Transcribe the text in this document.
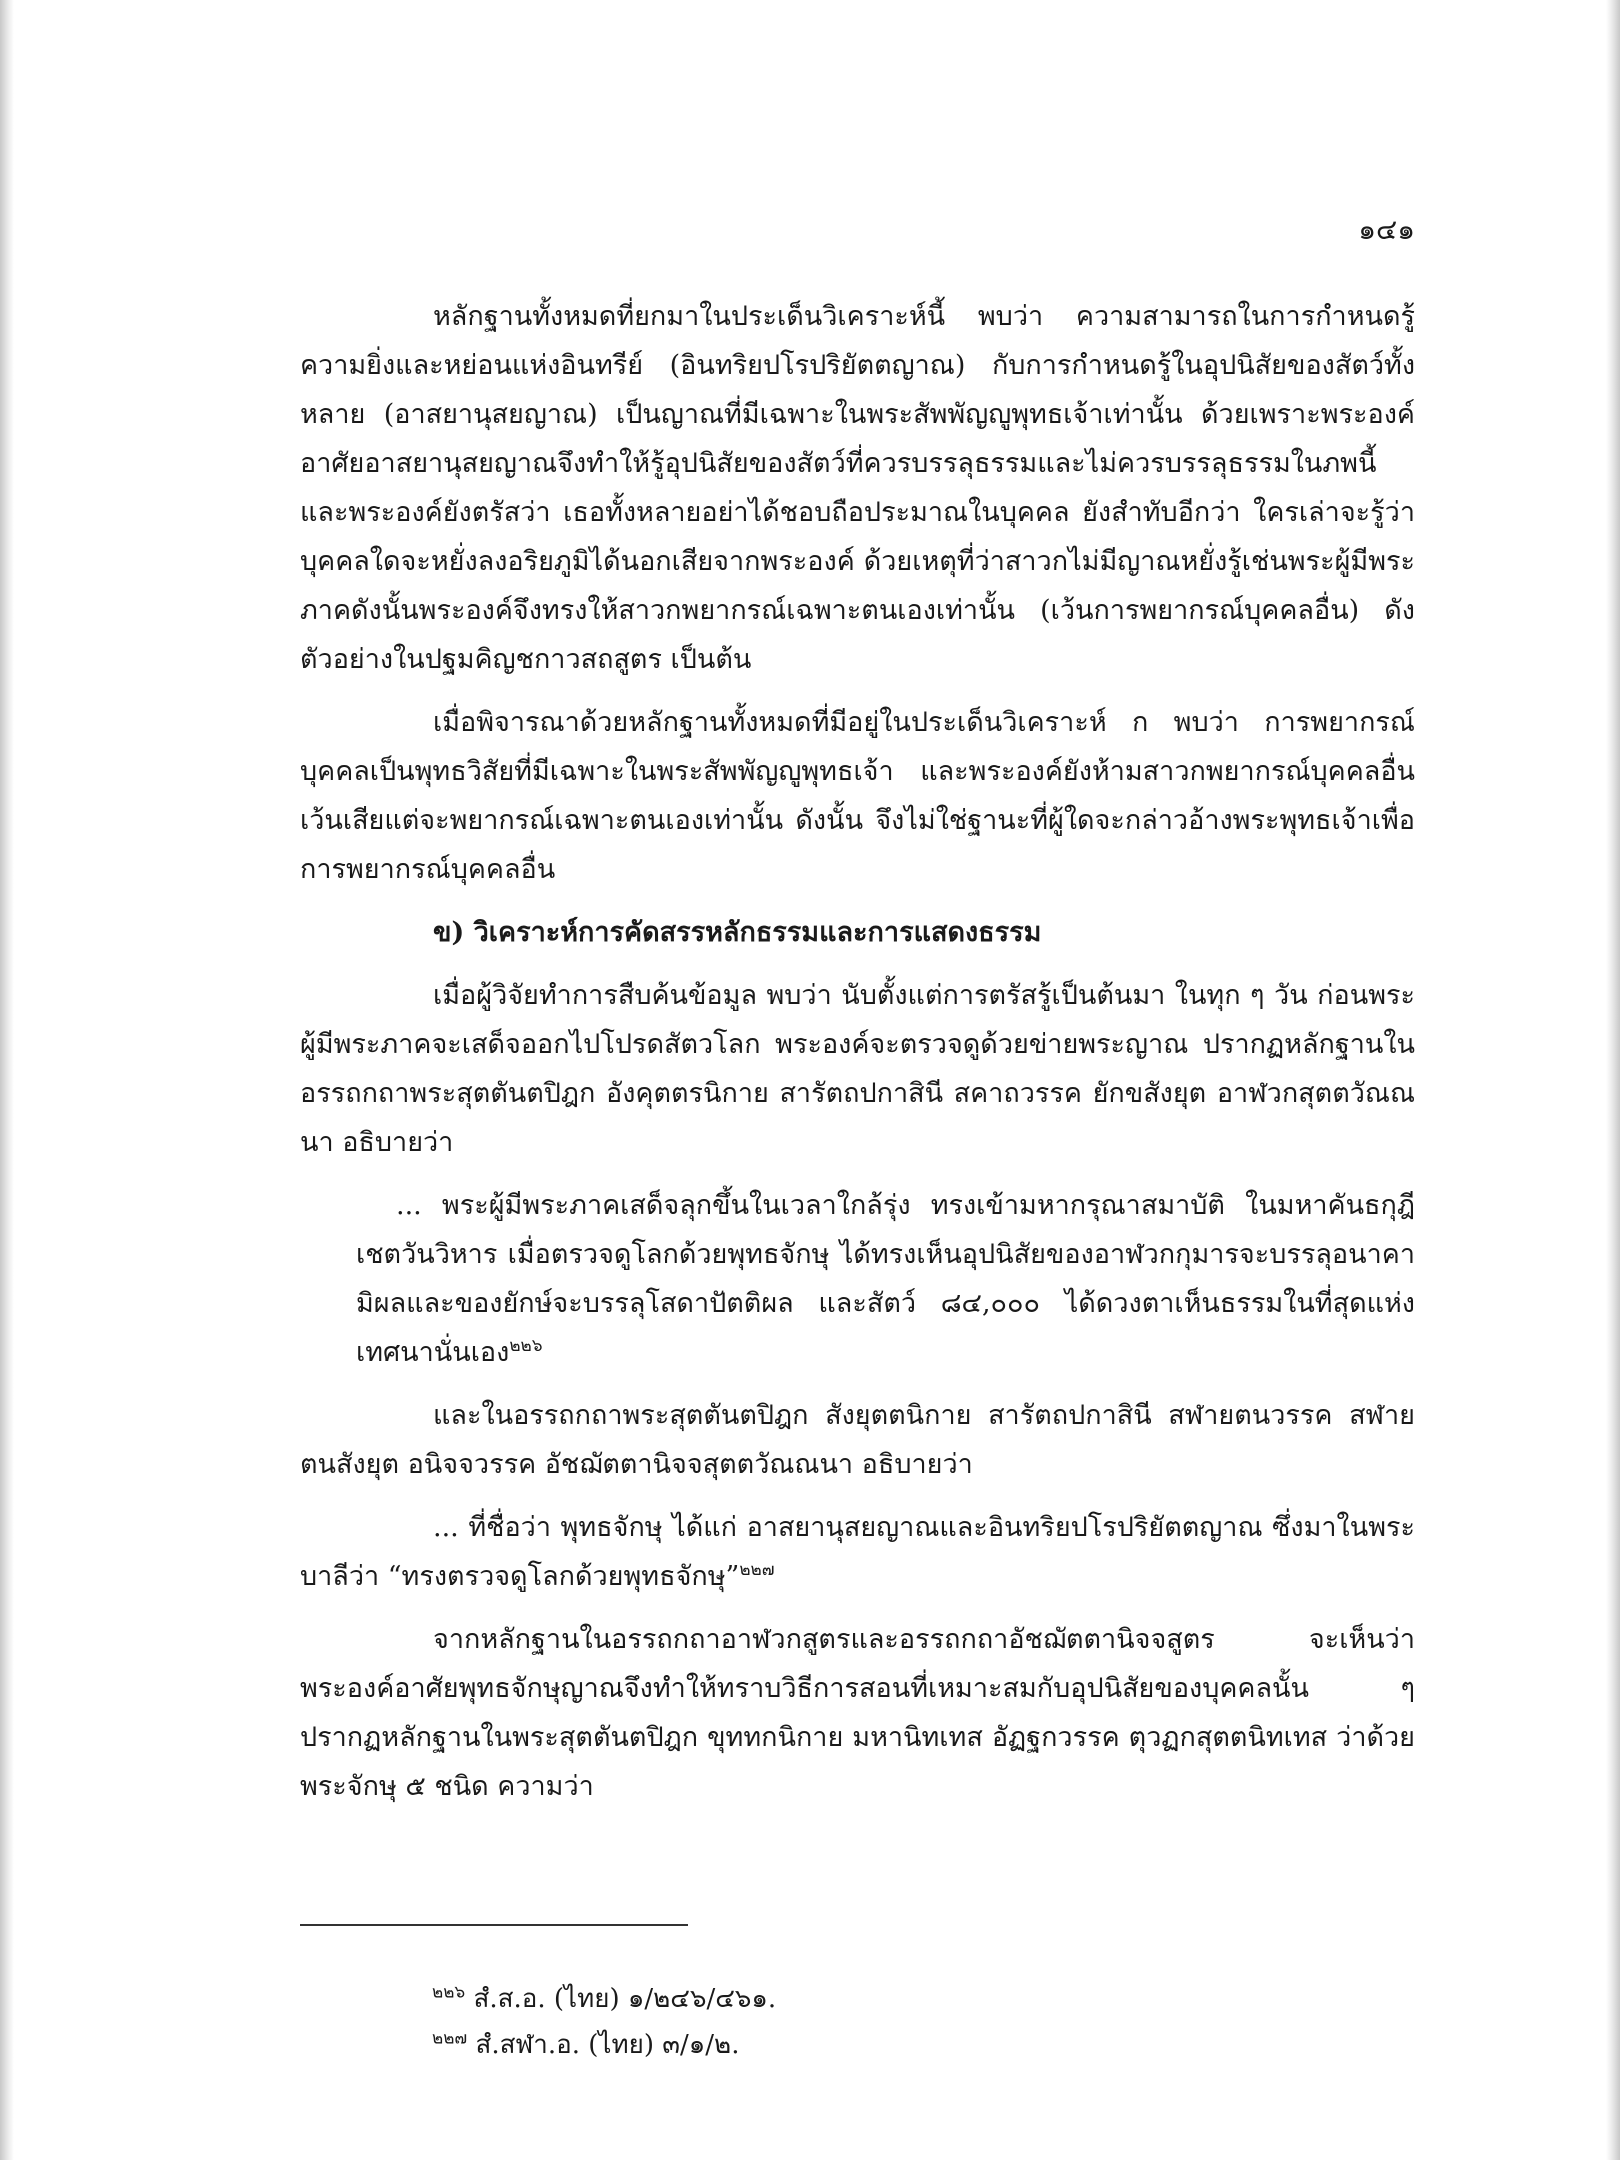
๑๔๑

หลักฐานทั้งหมดที่ยกมาในประเด็นวิเคราะห์นี้ พบว่า ความสามารถในการกำหนดรู้ความยิ่งและหย่อนแห่งอินทรีย์ (อินทริยปโรปริยัตตญาณ) กับการกำหนดรู้ในอุปนิสัยของสัตว์ทั้งหลาย (อาสยานุสยญาณ) เป็นญาณที่มีเฉพาะในพระสัพพัญญูพุทธเจ้าเท่านั้น ด้วยเพราะพระองค์อาศัยอาสยานุสยญาณจึงทำให้รู้อุปนิสัยของสัตว์ที่ควรบรรลุธรรมและไม่ควรบรรลุธรรมในภพนี้ และพระองค์ยังตรัสว่า เธอทั้งหลายอย่าได้ชอบถือประมาณในบุคคล ยังสำทับอีกว่า ใครเล่าจะรู้ว่าบุคคลใดจะหยั่งลงอริยภูมิได้นอกเสียจากพระองค์ ด้วยเหตุที่ว่าสาวกไม่มีญาณหยั่งรู้เช่นพระผู้มีพระภาคดังนั้นพระองค์จึงทรงให้สาวกพยากรณ์เฉพาะตนเองเท่านั้น (เว้นการพยากรณ์บุคคลอื่น) ดังตัวอย่างในปฐมคิญชกาวสถสูตร เป็นต้น

เมื่อพิจารณาด้วยหลักฐานทั้งหมดที่มีอยู่ในประเด็นวิเคราะห์ ก พบว่า การพยากรณ์บุคคลเป็นพุทธวิสัยที่มีเฉพาะในพระสัพพัญญูพุทธเจ้า และพระองค์ยังห้ามสาวกพยากรณ์บุคคลอื่นเว้นเสียแต่จะพยากรณ์เฉพาะตนเองเท่านั้น ดังนั้น จึงไม่ใช่ฐานะที่ผู้ใดจะกล่าวอ้างพระพุทธเจ้าเพื่อการพยากรณ์บุคคลอื่น

ข) วิเคราะห์การคัดสรรหลักธรรมและการแสดงธรรม

เมื่อผู้วิจัยทำการสืบค้นข้อมูล พบว่า นับตั้งแต่การตรัสรู้เป็นต้นมา ในทุก ๆ วัน ก่อนพระผู้มีพระภาคจะเสด็จออกไปโปรดสัตวโลก พระองค์จะตรวจดูด้วยข่ายพระญาณ ปรากฏหลักฐานในอรรถกถาพระสุตตันตปิฎก อังคุตตรนิกาย สารัตถปกาสินี สคาถวรรค ยักขสังยุต อาฬวกสุตตวัณณนา อธิบายว่า

... พระผู้มีพระภาคเสด็จลุกขึ้นในเวลาใกล้รุ่ง ทรงเข้ามหากรุณาสมาบัติ ในมหาคันธกุฎี เชตวันวิหาร เมื่อตรวจดูโลกด้วยพุทธจักษุ ได้ทรงเห็นอุปนิสัยของอาฬวกกุมารจะบรรลุอนาคามิผลและของยักษ์จะบรรลุโสดาปัตติผล และสัตว์ ๘๔,๐๐๐ ได้ดวงตาเห็นธรรมในที่สุดแห่งเทศนานั่นเอง$^{๒๒๖}$

และในอรรถกถาพระสุตตันตปิฎก สังยุตตนิกาย สารัตถปกาสินี สฬายตนวรรค สฬายตนสังยุต อนิจจวรรค อัชฌัตตานิจจสุตตวัณณนา อธิบายว่า

... ที่ชื่อว่า พุทธจักษุ ได้แก่ อาสยานุสยญาณและอินทริยปโรปริยัตตญาณ ซึ่งมาในพระบาลีว่า “ทรงตรวจดูโลกด้วยพุทธจักษุ”$^{๒๒๗}$

จากหลักฐานในอรรถกถาอาฬวกสูตรและอรรถกถาอัชฌัตตานิจจสูตร จะเห็นว่า พระองค์อาศัยพุทธจักษุญาณจึงทำให้ทราบวิธีการสอนที่เหมาะสมกับอุปนิสัยของบุคคลนั้น ๆ ปรากฏหลักฐานในพระสุตตันตปิฎก ขุททกนิกาย มหานิทเทส อัฏฐกวรรค ตุวฏกสุตตนิทเทส ว่าด้วยพระจักษุ ๕ ชนิด ความว่า

$^{๒๒๖}$ สํ.ส.อ. (ไทย) ๑/๒๔๖/๔๖๑.

$^{๒๒๗}$ สํ.สฬา.อ. (ไทย) ๓/๑/๒.
